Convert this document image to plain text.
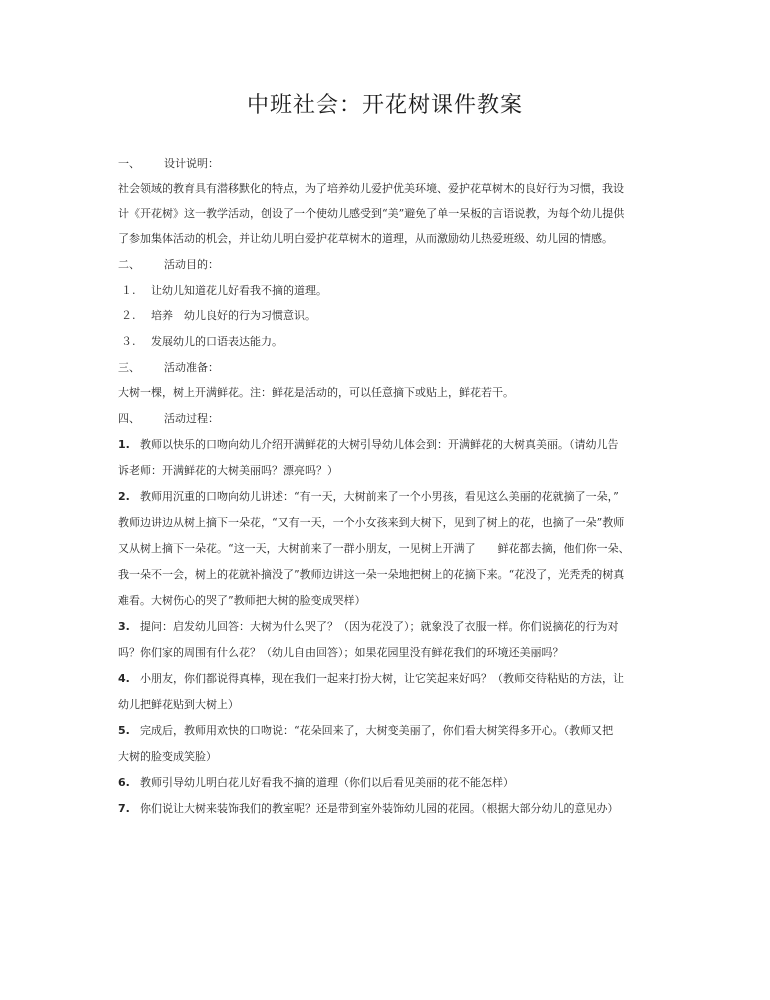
中班社会：开花树课件教案
一、 设计说明：
社会领域的教育具有潜移默化的特点，为了培养幼儿爱护优美环境、爱护花草树木的良好行为习惯，我设
计《开花树》这一教学活动，创设了一个使幼儿感受到“美”避免了单一呆板的言语说教，为每个幼儿提供
了参加集体活动的机会，并让幼儿明白爱护花草树木的道理，从而激励幼儿热爱班级、幼儿园的情感。
二、 活动目的：
１. 让幼儿知道花儿好看我不摘的道理。
２. 培养　幼儿良好的行为习惯意识。
３. 发展幼儿的口语表达能力。
三、 活动准备：
大树一棵，树上开满鲜花。注：鲜花是活动的，可以任意摘下或贴上，鲜花若干。
四、 活动过程：
1. 教师以快乐的口吻向幼儿介绍开满鲜花的大树引导幼儿体会到：开满鲜花的大树真美丽。（请幼儿告
诉老师：开满鲜花的大树美丽吗？漂亮吗？）
2. 教师用沉重的口吻向幼儿讲述：“有一天，大树前来了一个小男孩，看见这么美丽的花就摘了一朵，”
教师边讲边从树上摘下一朵花，“又有一天，一个小女孩来到大树下，见到了树上的花，也摘了一朵”教师
又从树上摘下一朵花。“这一天，大树前来了一群小朋友，一见树上开满了　　鲜花都去摘，他们你一朵、
我一朵不一会，树上的花就补摘没了”教师边讲这一朵一朵地把树上的花摘下来。“花没了，光秃秃的树真
难看。大树伤心的哭了”教师把大树的脸变成哭样）
3. 提问：启发幼儿回答：大树为什么哭了？（因为花没了）；就象没了衣服一样。你们说摘花的行为对
吗？你们家的周围有什么花？（幼儿自由回答）；如果花园里没有鲜花我们的环境还美丽吗？
4. 小朋友，你们都说得真棒，现在我们一起来打扮大树，让它笑起来好吗？（教师交待粘贴的方法，让
幼儿把鲜花贴到大树上）
5. 完成后，教师用欢快的口吻说：“花朵回来了，大树变美丽了，你们看大树笑得多开心。（教师又把
大树的脸变成笑脸）
6. 教师引导幼儿明白花儿好看我不摘的道理（你们以后看见美丽的花不能怎样）
7. 你们说让大树来装饰我们的教室呢？还是带到室外装饰幼儿园的花园。（根据大部分幼儿的意见办）
